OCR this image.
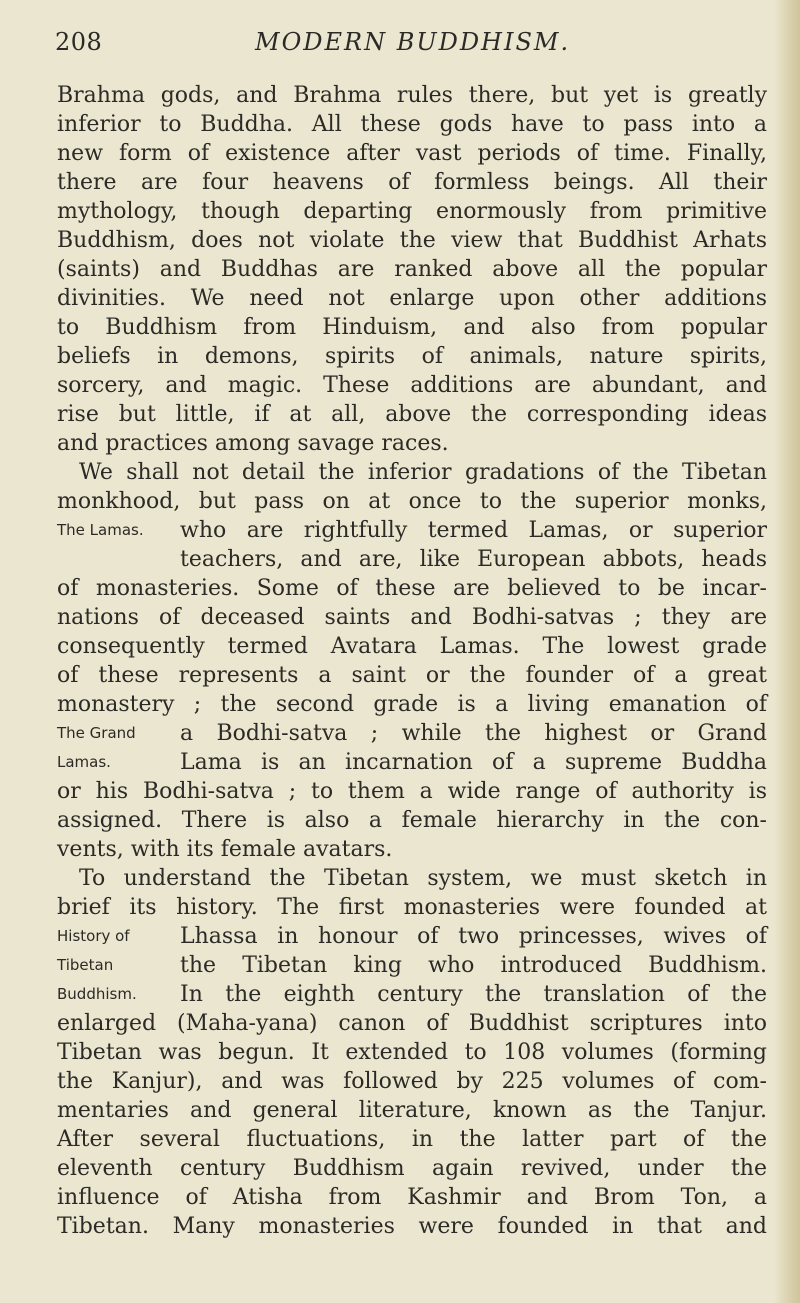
208	MODERN BUDDHISM.
Brahma gods, and Brahma rules there, but yet is greatly
inferior to Buddha. All these gods have to pass into a
new form of existence after vast periods of time. Finally,
there are four heavens of formless beings. All their
mythology, though departing enormously from primitive
Buddhism, does not violate the view that Buddhist Arhats
(saints) and Buddhas are ranked above all the popular
divinities. We need not enlarge upon other additions
to Buddhism from Hinduism, and also from popular
beliefs in demons, spirits of animals, nature spirits,
sorcery, and magic. These additions are abundant, and
rise but little, if at all, above the corresponding ideas
and practices among savage races.
We shall not detail the inferior gradations of the Tibetan
monkhood, but pass on at once to the superior monks,
The Lamas. who are rightfully termed Lamas, or superior
teachers, and are, like European abbots, heads
of monasteries. Some of these are believed to be incar-
nations of deceased saints and Bodhi-satvas ; they are
consequently termed Avatara Lamas. The lowest grade
of these represents a saint or the founder of a great
monastery ; the second grade is a living emanation of
The Grand a Bodhi-satva ; while the highest or Grand
Lamas.	Lama is an incarnation of a supreme Buddha
or his Bodhi-satva ; to them a wide range of authority is
assigned. There is also a female hierarchy in the con-
vents, with its female avatars.
To understand the Tibetan system, we must sketch in
brief its history. The first monasteries were founded at
History of Lhassa in honour of two princesses, wives of
Tibetan	the Tibetan king who introduced Buddhism.
Buddhism. In the eighth century the translation of the
enlarged (Maha-yana) canon of Buddhist scriptures into
Tibetan was begun. It extended to 108 volumes (forming
the Kanjur), and was followed by 225 volumes of com-
mentaries and general literature, known as the Tanjur.
After several fluctuations, in the latter part of the
eleventh century Buddhism again revived, under the
influence of Atisha from Kashmir and Brom Ton, a
Tibetan. Many monasteries were founded in that and
